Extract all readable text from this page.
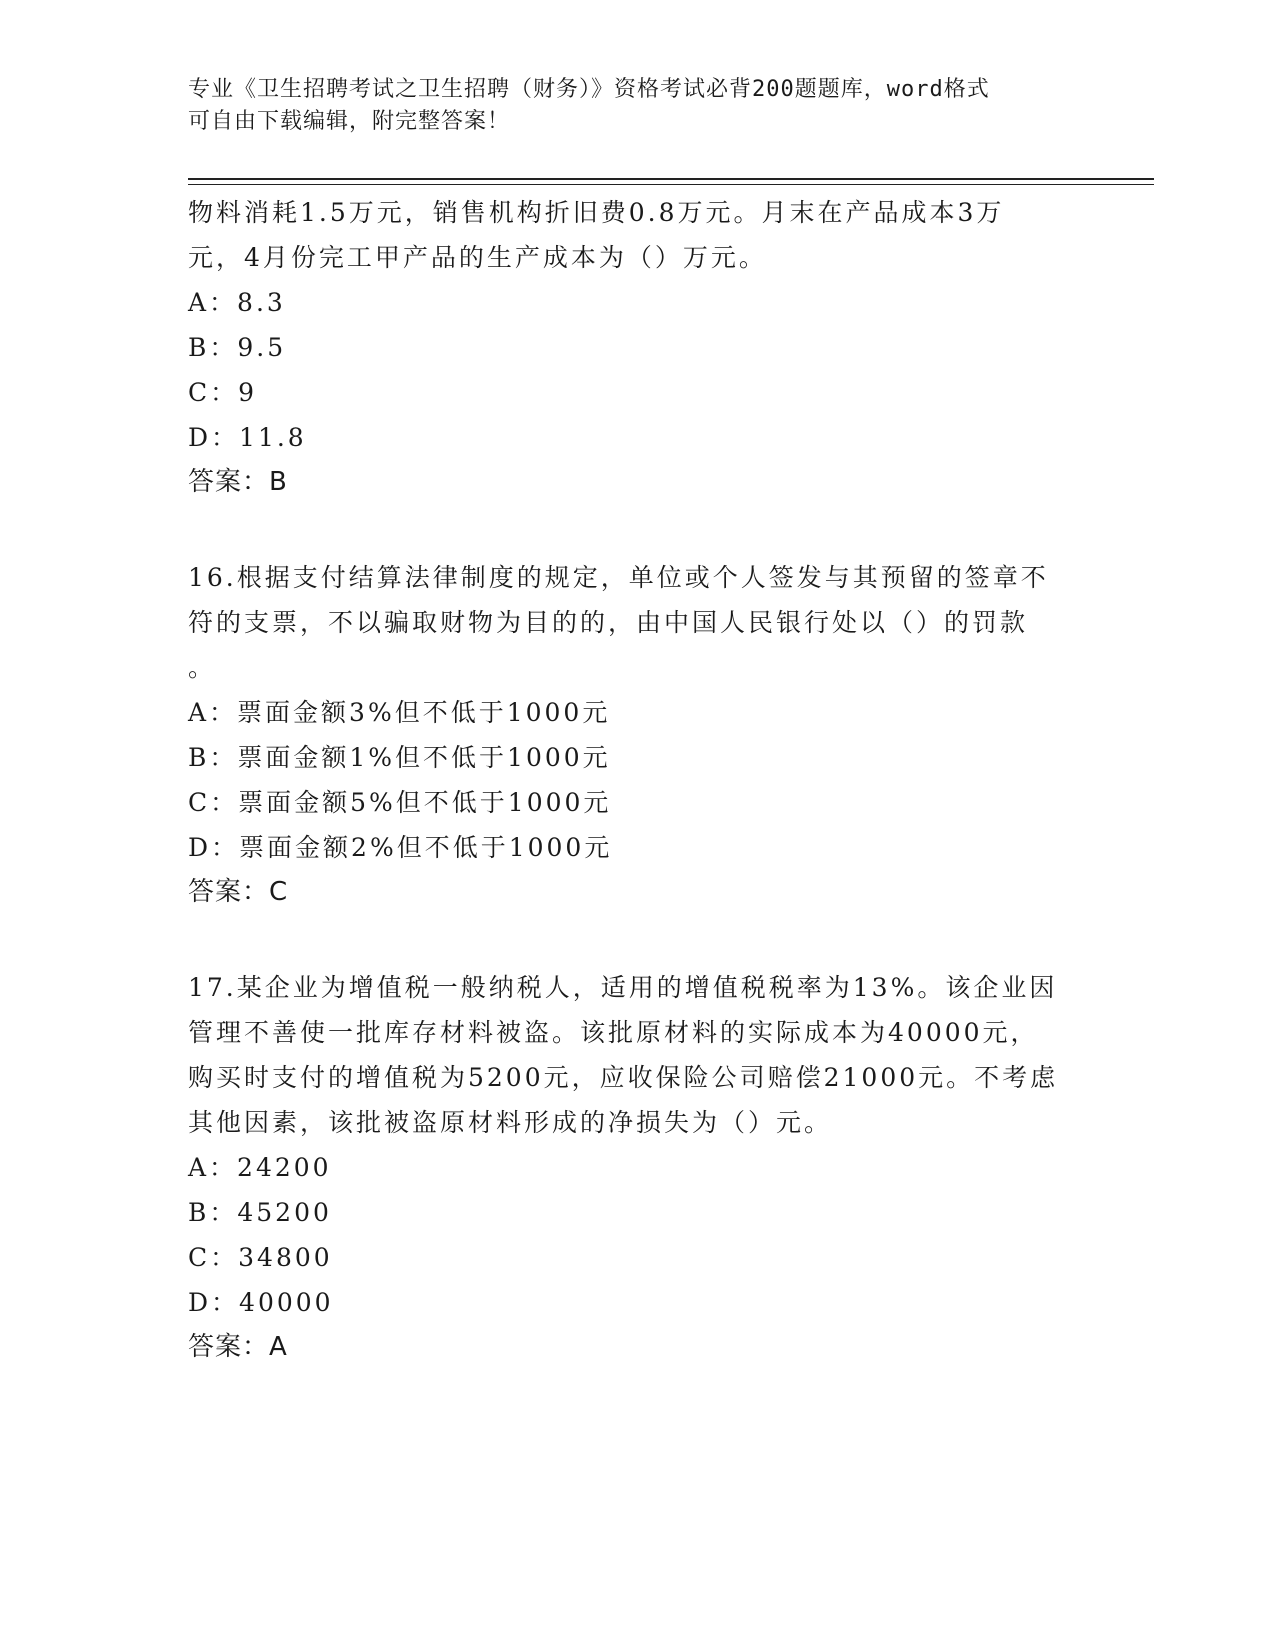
专业《卫生招聘考试之卫生招聘（财务）》资格考试必背200题题库，word格式
可自由下载编辑，附完整答案！
物料消耗1.5万元，销售机构折旧费0.8万元。月末在产品成本3万
元，4月份完工甲产品的生产成本为（）万元。
A：8.3
B：9.5
C：9
D：11.8
答案：B
16.根据支付结算法律制度的规定，单位或个人签发与其预留的签章不
符的支票，不以骗取财物为目的的，由中国人民银行处以（）的罚款
。
A：票面金额3%但不低于1000元
B：票面金额1%但不低于1000元
C：票面金额5%但不低于1000元
D：票面金额2%但不低于1000元
答案：C
17.某企业为增值税一般纳税人，适用的增值税税率为13%。该企业因
管理不善使一批库存材料被盗。该批原材料的实际成本为40000元，
购买时支付的增值税为5200元，应收保险公司赔偿21000元。不考虑
其他因素，该批被盗原材料形成的净损失为（）元。
A：24200
B：45200
C：34800
D：40000
答案：A
